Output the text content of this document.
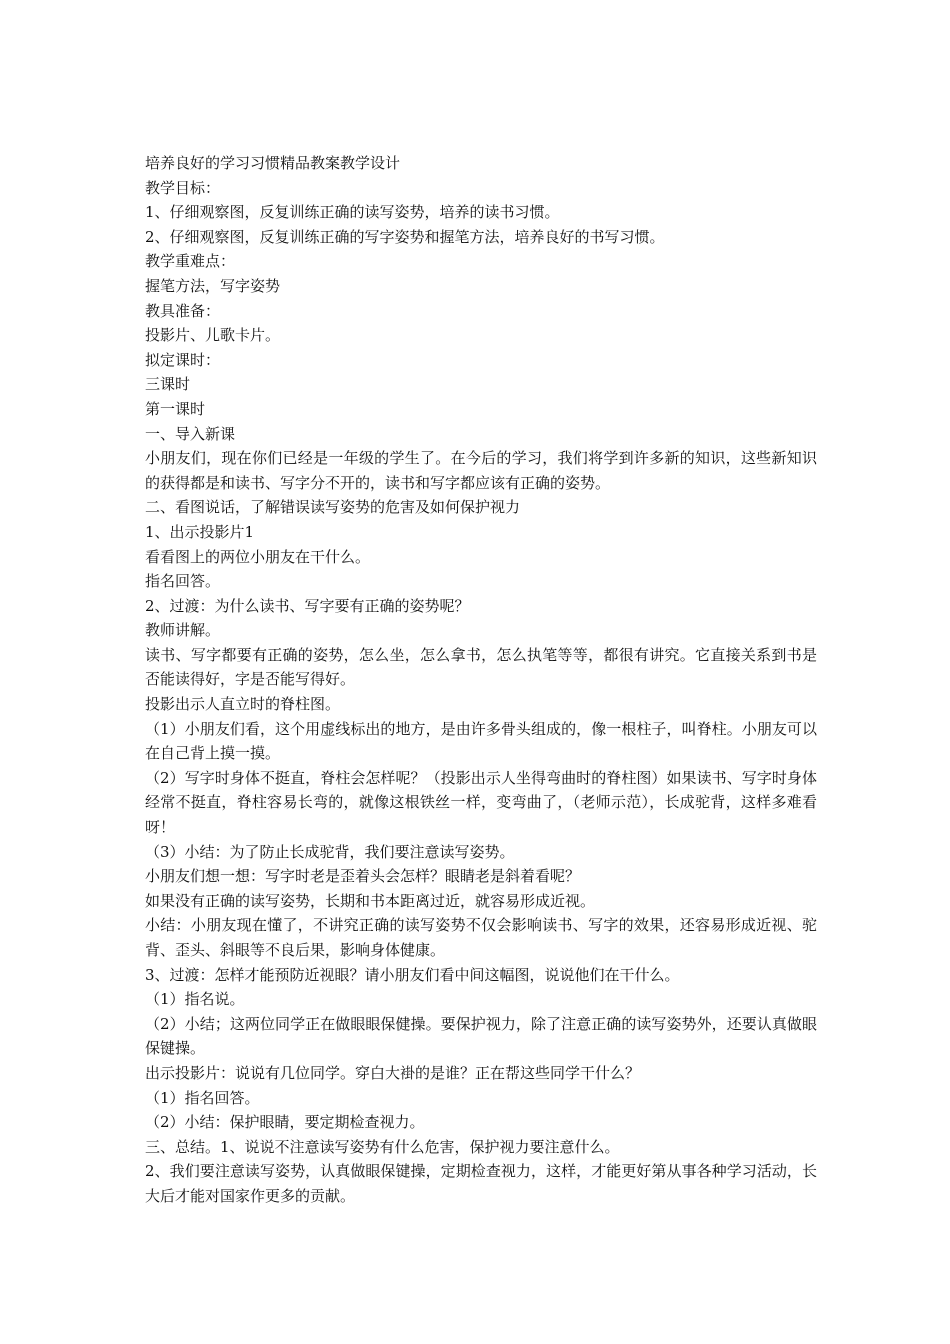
培养良好的学习习惯精品教案教学设计
教学目标：
1、仔细观察图，反复训练正确的读写姿势，培养的读书习惯。
2、仔细观察图，反复训练正确的写字姿势和握笔方法，培养良好的书写习惯。
教学重难点：
握笔方法，写字姿势
教具准备：
投影片、儿歌卡片。
拟定课时：
三课时
第一课时
一、导入新课
小朋友们，现在你们已经是一年级的学生了。在今后的学习，我们将学到许多新的知识，这些新知识的获得都是和读书、写字分不开的，读书和写字都应该有正确的姿势。
二、看图说话，了解错误读写姿势的危害及如何保护视力
1、出示投影片1
看看图上的两位小朋友在干什么。
指名回答。
2、过渡：为什么读书、写字要有正确的姿势呢？
教师讲解。
读书、写字都要有正确的姿势，怎么坐，怎么拿书，怎么执笔等等，都很有讲究。它直接关系到书是否能读得好，字是否能写得好。
投影出示人直立时的脊柱图。
（1）小朋友们看，这个用虚线标出的地方，是由许多骨头组成的，像一根柱子，叫脊柱。小朋友可以在自己背上摸一摸。
（2）写字时身体不挺直，脊柱会怎样呢？（投影出示人坐得弯曲时的脊柱图）如果读书、写字时身体经常不挺直，脊柱容易长弯的，就像这根铁丝一样，变弯曲了，（老师示范），长成驼背，这样多难看呀！
（3）小结：为了防止长成驼背，我们要注意读写姿势。
小朋友们想一想：写字时老是歪着头会怎样？眼睛老是斜着看呢？
如果没有正确的读写姿势，长期和书本距离过近，就容易形成近视。
小结：小朋友现在懂了，不讲究正确的读写姿势不仅会影响读书、写字的效果，还容易形成近视、驼背、歪头、斜眼等不良后果，影响身体健康。
3、过渡：怎样才能预防近视眼？请小朋友们看中间这幅图，说说他们在干什么。
（1）指名说。
（2）小结；这两位同学正在做眼眼保健操。要保护视力，除了注意正确的读写姿势外，还要认真做眼保键操。
出示投影片：说说有几位同学。穿白大褂的是谁？正在帮这些同学干什么？
（1）指名回答。
（2）小结：保护眼睛，要定期检查视力。
三、总结。1、说说不注意读写姿势有什么危害，保护视力要注意什么。
2、我们要注意读写姿势，认真做眼保键操，定期检查视力，这样，才能更好第从事各种学习活动，长大后才能对国家作更多的贡献。
